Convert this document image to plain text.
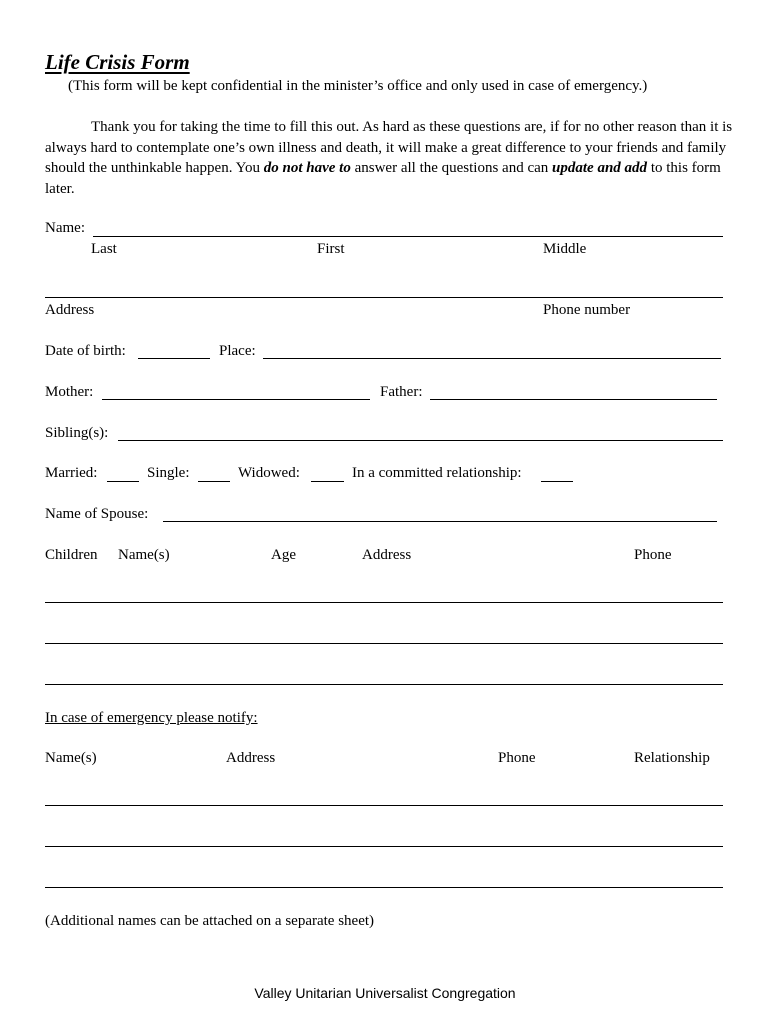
Life Crisis Form
(This form will be kept confidential in the minister’s office and only used in case of emergency.)
Thank you for taking the time to fill this out. As hard as these questions are, if for no other reason than it is always hard to contemplate one’s own illness and death, it will make a great difference to your friends and family should the unthinkable happen. You do not have to answer all the questions and can update and add to this form later.
Name:
Last	First	Middle
Address	Phone number
Date of birth:	Place:
Mother:	Father:
Sibling(s):
Married:	Single:	Widowed:	In a committed relationship:
Name of Spouse:
Children Name(s)	Age	Address	Phone
In case of emergency please notify:
Name(s)	Address	Phone	Relationship
(Additional names can be attached on a separate sheet)
Valley Unitarian Universalist Congregation
